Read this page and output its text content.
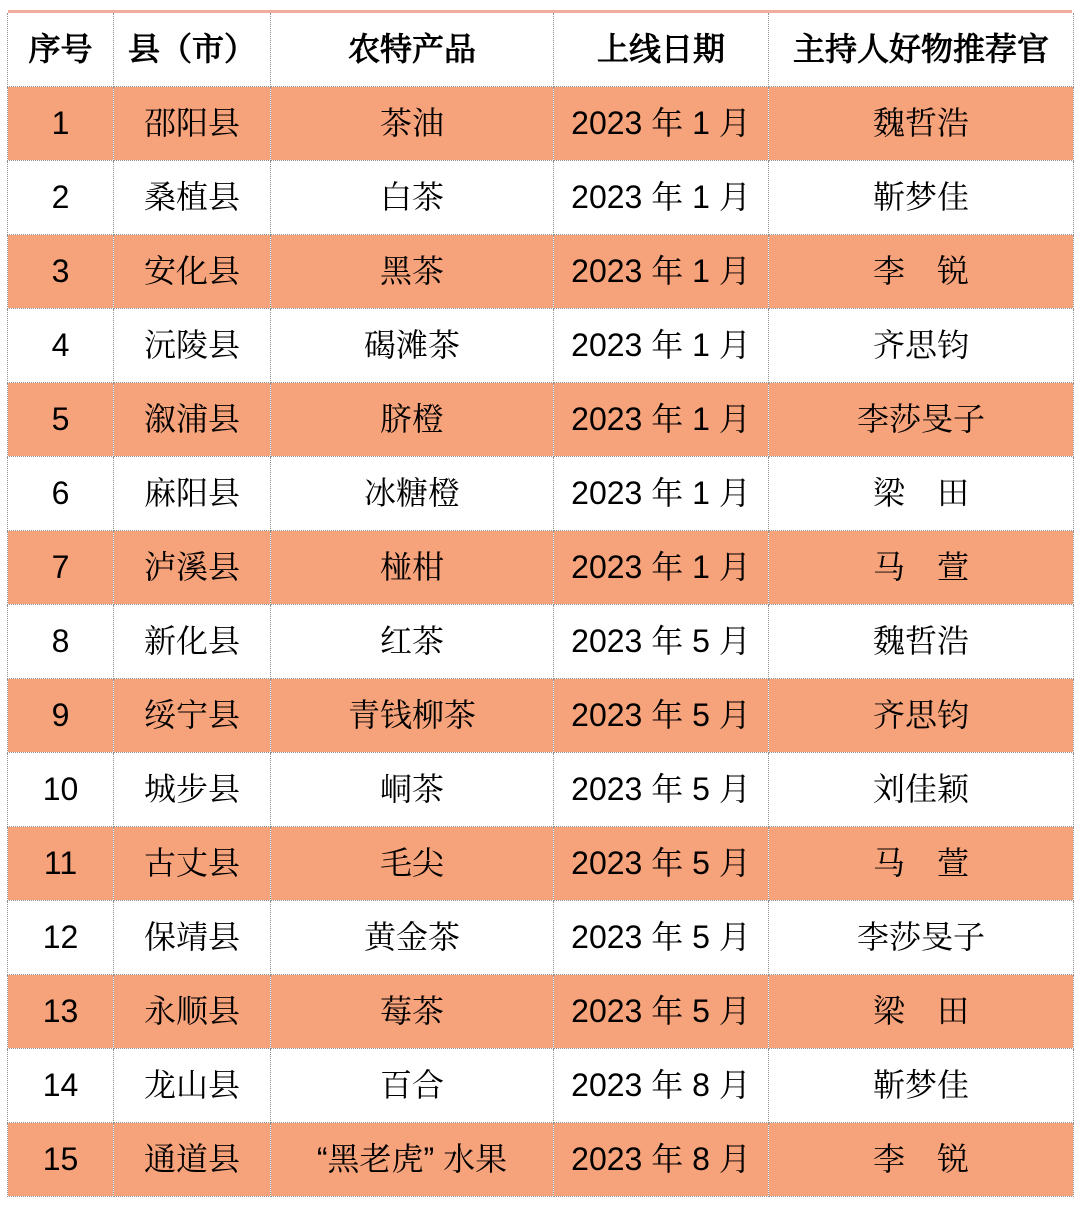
序号	县（市）	农特产品	上线日期	主持人好物推荐官
1	邵阳县	茶油	2023 年 1 月	魏哲浩
2	桑植县	白茶	2023 年 1 月	靳梦佳
3	安化县	黑茶	2023 年 1 月	李　锐
4	沅陵县	碣滩茶	2023 年 1 月	齐思钧
5	溆浦县	脐橙	2023 年 1 月	李莎旻子
6	麻阳县	冰糖橙	2023 年 1 月	梁　田
7	泸溪县	椪柑	2023 年 1 月	马　萱
8	新化县	红茶	2023 年 5 月	魏哲浩
9	绥宁县	青钱柳茶	2023 年 5 月	齐思钧
10	城步县	峒茶	2023 年 5 月	刘佳颖
11	古丈县	毛尖	2023 年 5 月	马　萱
12	保靖县	黄金茶	2023 年 5 月	李莎旻子
13	永顺县	莓茶	2023 年 5 月	梁　田
14	龙山县	百合	2023 年 8 月	靳梦佳
15	通道县	“黑老虎” 水果	2023 年 8 月	李　锐
